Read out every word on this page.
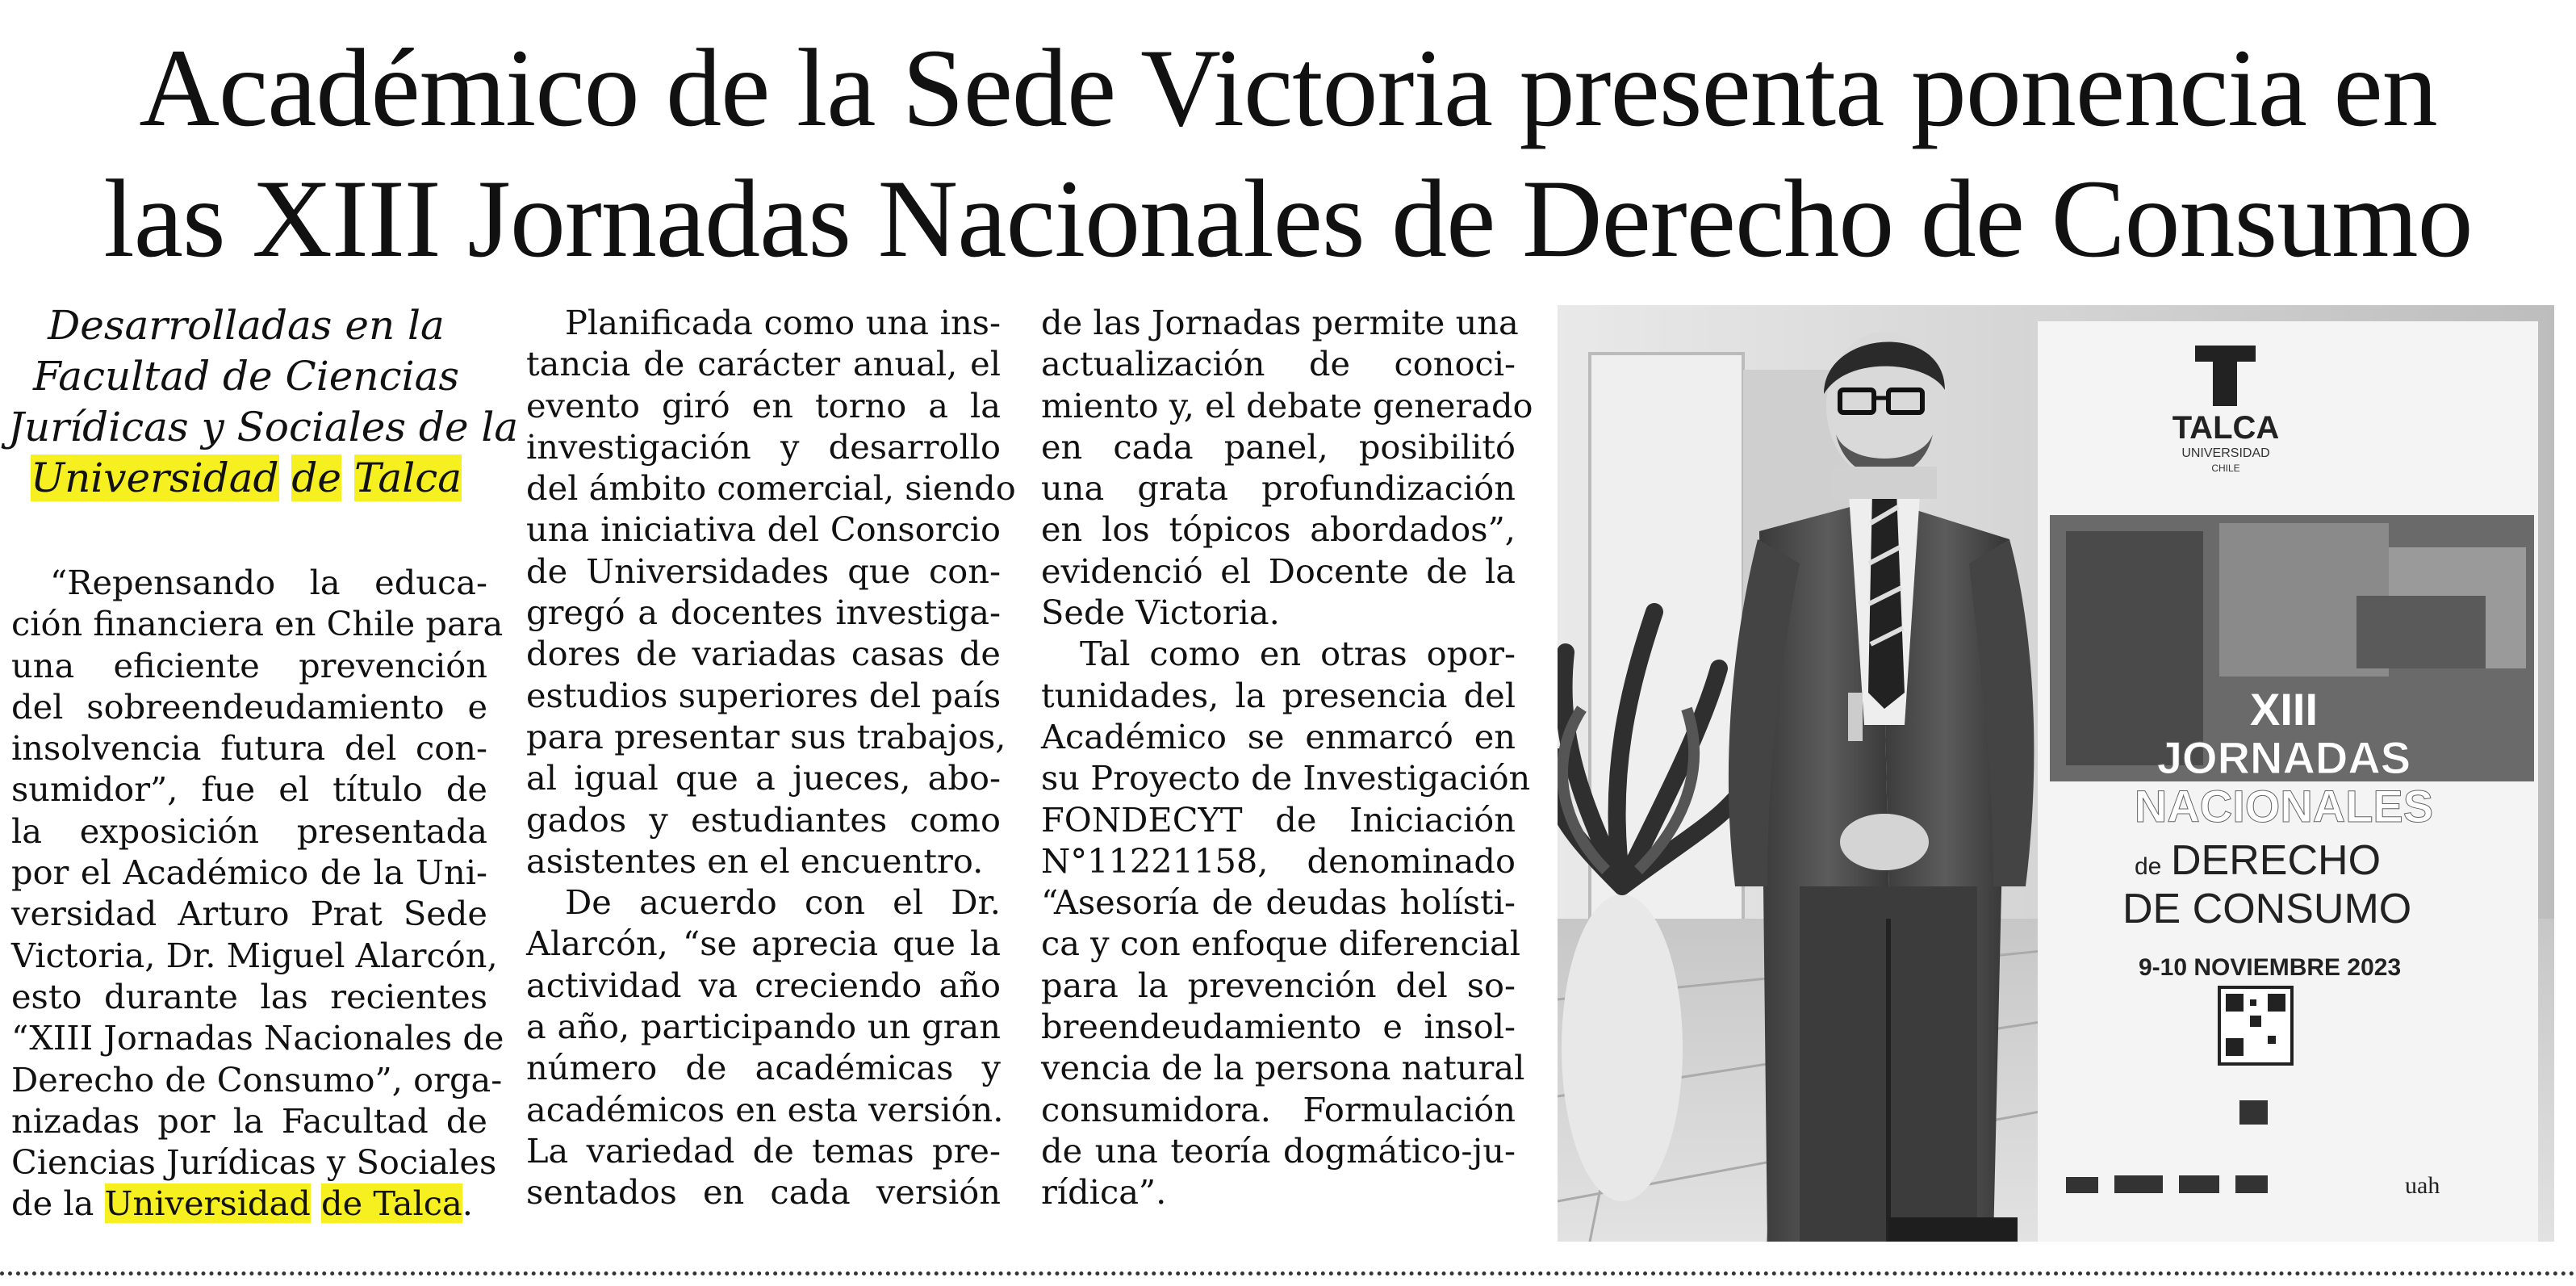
Académico de la Sede Victoria presenta ponencia en
las XIII Jornadas Nacionales de Derecho de Consumo
Desarrolladas en la
Facultad de Ciencias
Jurídicas y Sociales de la
Universidad de Talca
“Repensando la educa-
ción financiera en Chile para
una eficiente prevención
del sobreendeudamiento e
insolvencia futura del con-
sumidor”, fue el título de
la exposición presentada
por el Académico de la Uni-
versidad Arturo Prat Sede
Victoria, Dr. Miguel Alarcón,
esto durante las recientes
“XIII Jornadas Nacionales de
Derecho de Consumo”, orga-
nizadas por la Facultad de
Ciencias Jurídicas y Sociales
de la Universidad de Talca.
Planificada como una ins-
tancia de carácter anual, el
evento giró en torno a la
investigación y desarrollo
del ámbito comercial, siendo
una iniciativa del Consorcio
de Universidades que con-
gregó a docentes investiga-
dores de variadas casas de
estudios superiores del país
para presentar sus trabajos,
al igual que a jueces, abo-
gados y estudiantes como
asistentes en el encuentro.
De acuerdo con el Dr.
Alarcón, “se aprecia que la
actividad va creciendo año
a año, participando un gran
número de académicas y
académicos en esta versión.
La variedad de temas pre-
sentados en cada versión
de las Jornadas permite una
actualización de conoci-
miento y, el debate generado
en cada panel, posibilitó
una grata profundización
en los tópicos abordados”,
evidenció el Docente de la
Sede Victoria.
Tal como en otras opor-
tunidades, la presencia del
Académico se enmarcó en
su Proyecto de Investigación
FONDECYT de Iniciación
N°11221158, denominado
“Asesoría de deudas holísti-
ca y con enfoque diferencial
para la prevención del so-
breendeudamiento e insol-
vencia de la persona natural
consumidora. Formulación
de una teoría dogmático-ju-
rídica”.
TALCA
UNIVERSIDAD
CHILE
XIII
JORNADAS
NACIONALES
de DERECHO
DE CONSUMO
9-10 NOVIEMBRE 2023
uah
